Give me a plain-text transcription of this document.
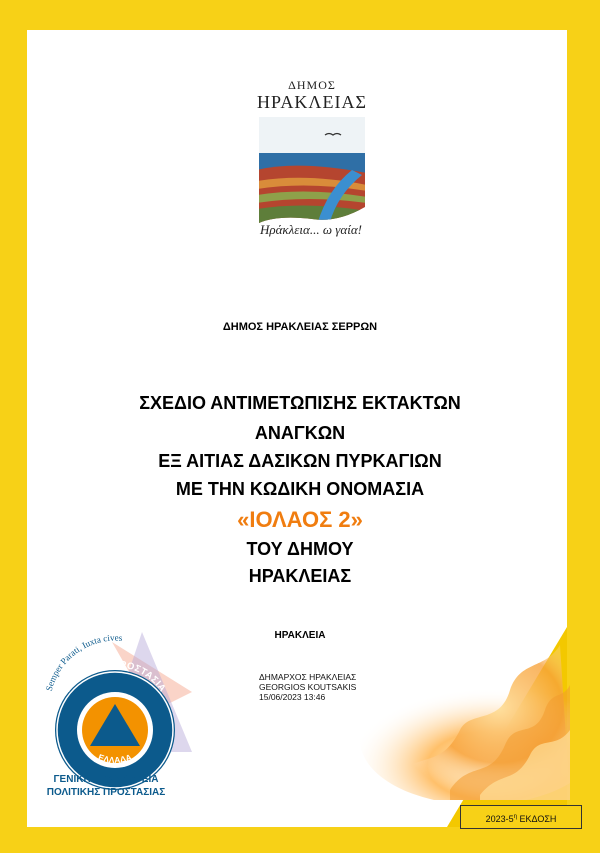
ΔΗΜΟΣ
ΗΡΑΚΛΕΙΑΣ
Ηράκλεια... ω γαία!
ΔΗΜΟΣ ΗΡΑΚΛΕΙΑΣ ΣΕΡΡΩΝ
ΣΧΕΔΙΟ ΑΝΤΙΜΕΤΩΠΙΣΗΣ ΕΚΤΑΚΤΩΝ
ΑΝΑΓΚΩΝ
ΕΞ ΑΙΤΙΑΣ ΔΑΣΙΚΩΝ ΠΥΡΚΑΓΙΩΝ
ΜΕ ΤΗΝ ΚΩΔΙΚΗ ΟΝΟΜΑΣΙΑ
«ΙΟΛΑΟΣ 2»
ΤΟΥ ΔΗΜΟΥ
ΗΡΑΚΛΕΙΑΣ
ΗΡΑΚΛΕΙΑ
ΔΗΜΑΡΧΟΣ ΗΡΑΚΛΕΙΑΣ
GEORGIOS KOUTSAKIS
15/06/2023 13:46
ΠΟΛΙΤΙΚΗ ΠΡΟΣΤΑΣΙΑ
ΕΛΛΑΔΑ
Semper Parati, Iuxta cives
ΓΕΝΙΚΗ ΓΡΑΜΜΑΤΕΙΑ
ΠΟΛΙΤΙΚΗΣ ΠΡΟΣΤΑΣΙΑΣ
$2023-5^\eta$ ΕΚΔΟΣΗ
